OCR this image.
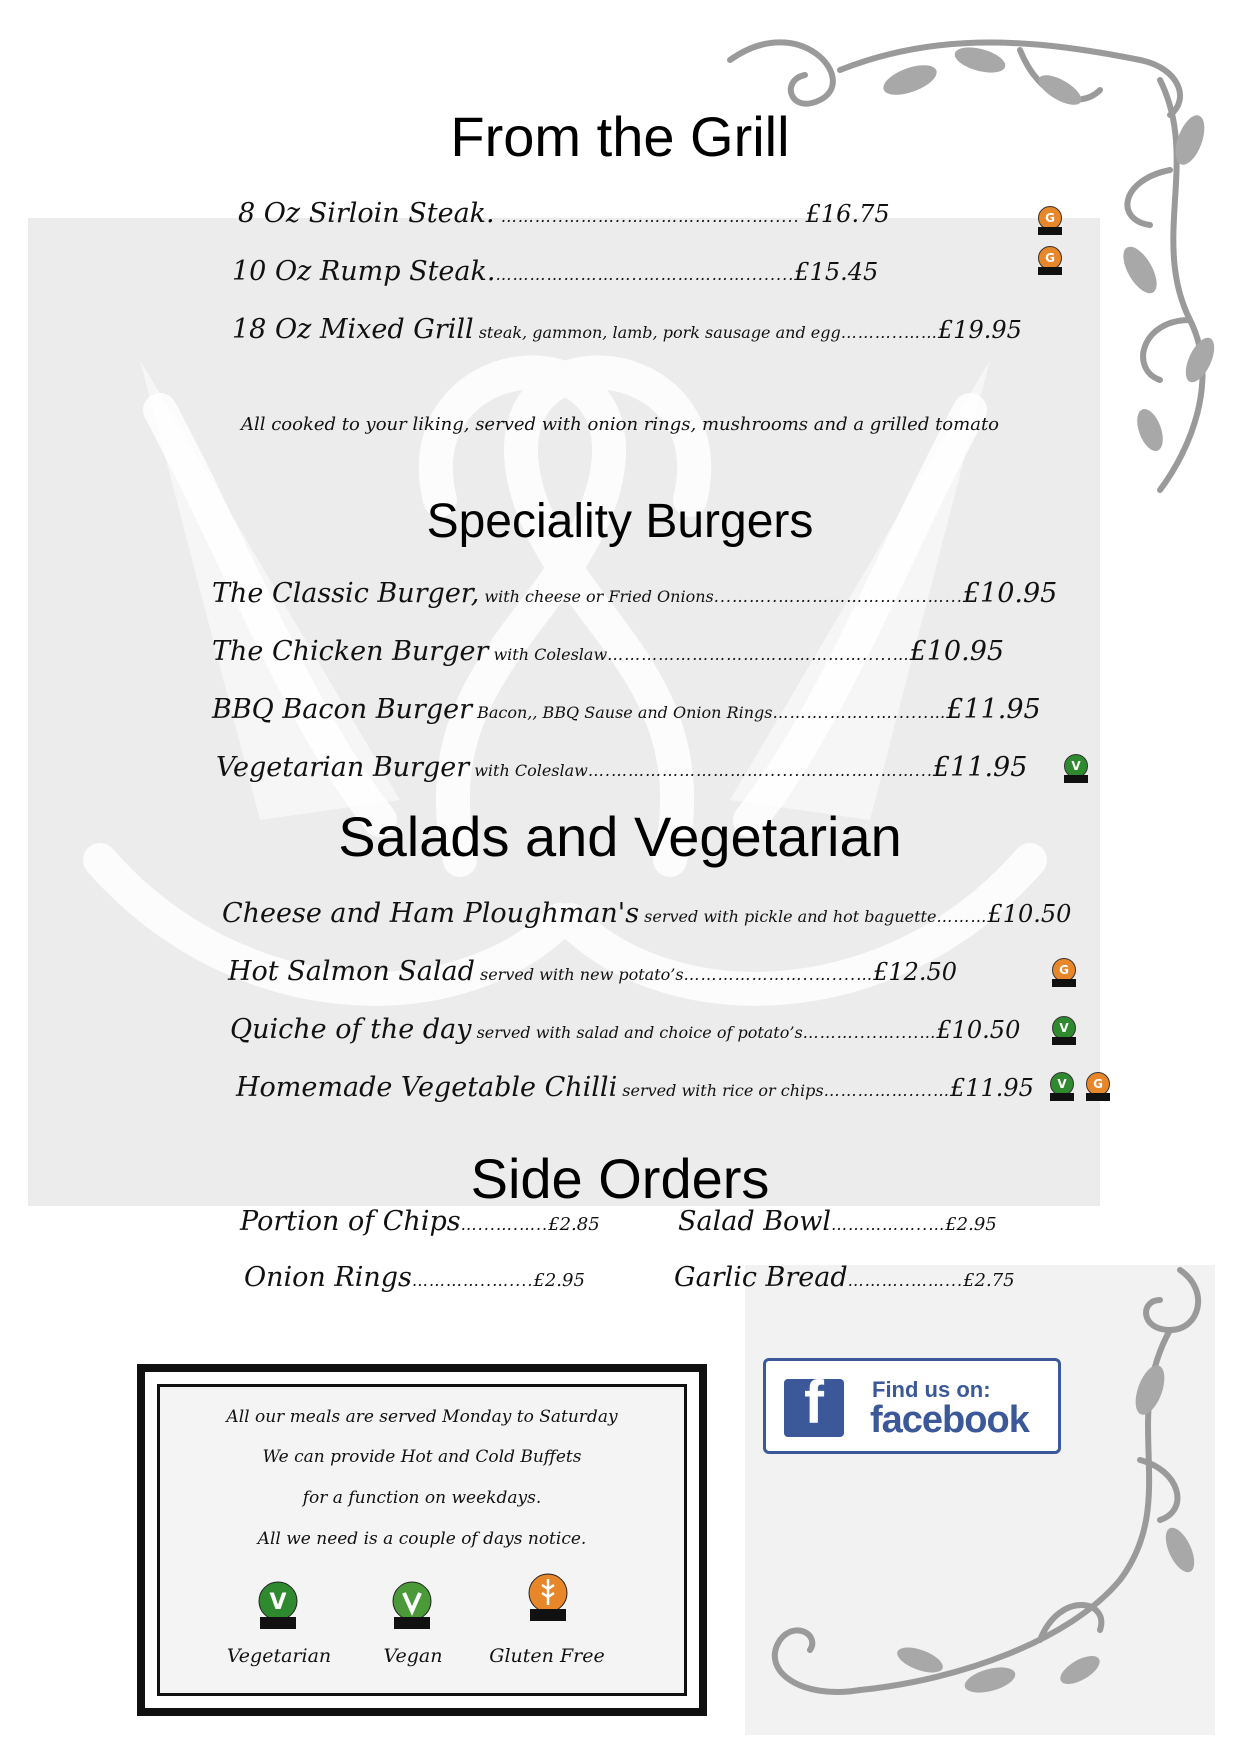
From the Grill
8 Oz Sirloin Steak. ………..………..………………….…..... £16.75	G
10 Oz Rump Steak.……………………..………………........£15.45	G
18 Oz Mixed Grill steak, gammon, lamb, pork sausage and egg………..……£19.95
All cooked to your liking, served with onion rings, mushrooms and a grilled tomato
Speciality Burgers
The Classic Burger, with cheese or Fried Onions...……..………………….....…...£10.95
The Chicken Burger with Coleslaw……………………………………….....…£10.95
BBQ Bacon Burger Bacon,, BBQ Sause and Onion Rings……….……..…......…£11.95
Vegetarian Burger with Coleslaw….………………………......…………..……...£11.95	V
Salads and Vegetarian
Cheese and Ham Ploughman's served with pickle and hot baguette………£10.50
Hot Salmon Salad served with new potato’s…………………..…....…£12.50	G
Quiche of the day served with salad and choice of potato’s………....…....…£10.50	V
Homemade Vegetable Chilli served with rice or chips……………....…£11.95	V	G
Side Orders
Portion of Chips…...….…..£2.85	Salad Bowl……………..…£2.95
Onion Rings…………..…....£2.95	Garlic Bread………..……...£2.75
All our meals are served Monday to Saturday
We can provide Hot and Cold Buffets
for a function on weekdays.
All we need is a couple of days notice.
V
Vegetarian	Vegan	Gluten Free
f	Find us on:
facebook
